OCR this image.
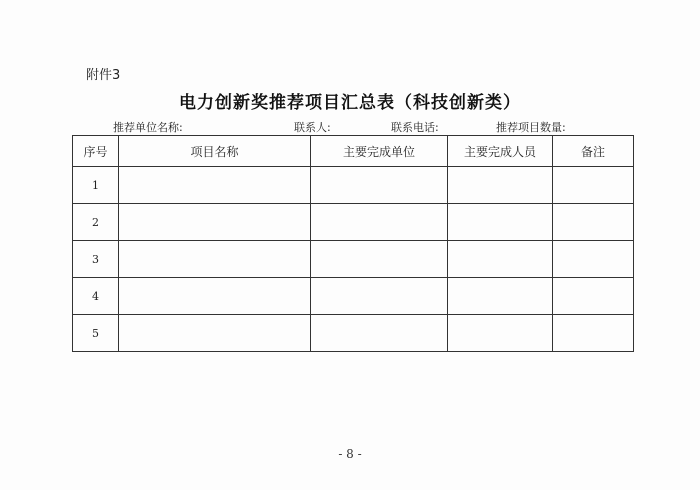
附件3
电力创新奖推荐项目汇总表（科技创新类）
推荐单位名称:	联系人:	联系电话:	推荐项目数量:
序号	项目名称	主要完成单位	主要完成人员	备注
1				
2				
3				
4				
5				
- 8 -
